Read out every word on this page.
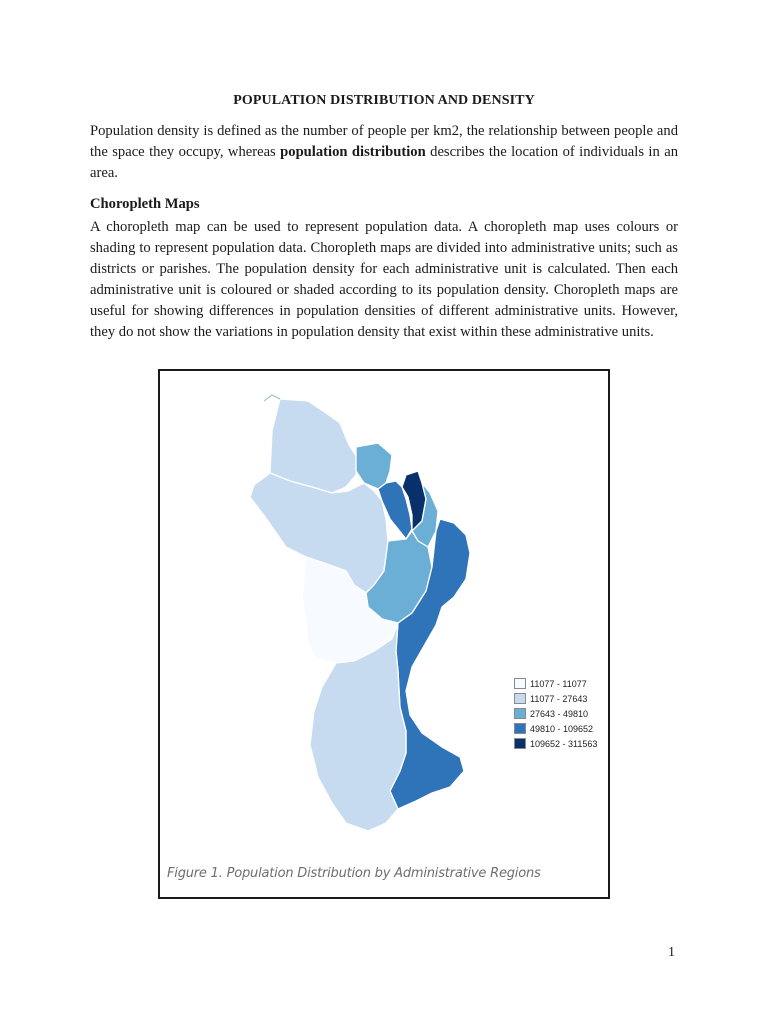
POPULATION DISTRIBUTION AND DENSITY

Population density is defined as the number of people per km2, the relationship between people and the space they occupy, whereas population distribution describes the location of individuals in an area.

Choropleth Maps

A choropleth map can be used to represent population data. A choropleth map uses colours or shading to represent population data. Choropleth maps are divided into administrative units; such as districts or parishes. The population density for each administrative unit is calculated. Then each administrative unit is coloured or shaded according to its population density. Choropleth maps are useful for showing differences in population densities of different administrative units. However, they do not show the variations in population density that exist within these administrative units.

11077 - 11077
11077 - 27643
27643 - 49810
49810 - 109652
109652 - 311563
Figure 1. Population Distribution by Administrative Regions
1
